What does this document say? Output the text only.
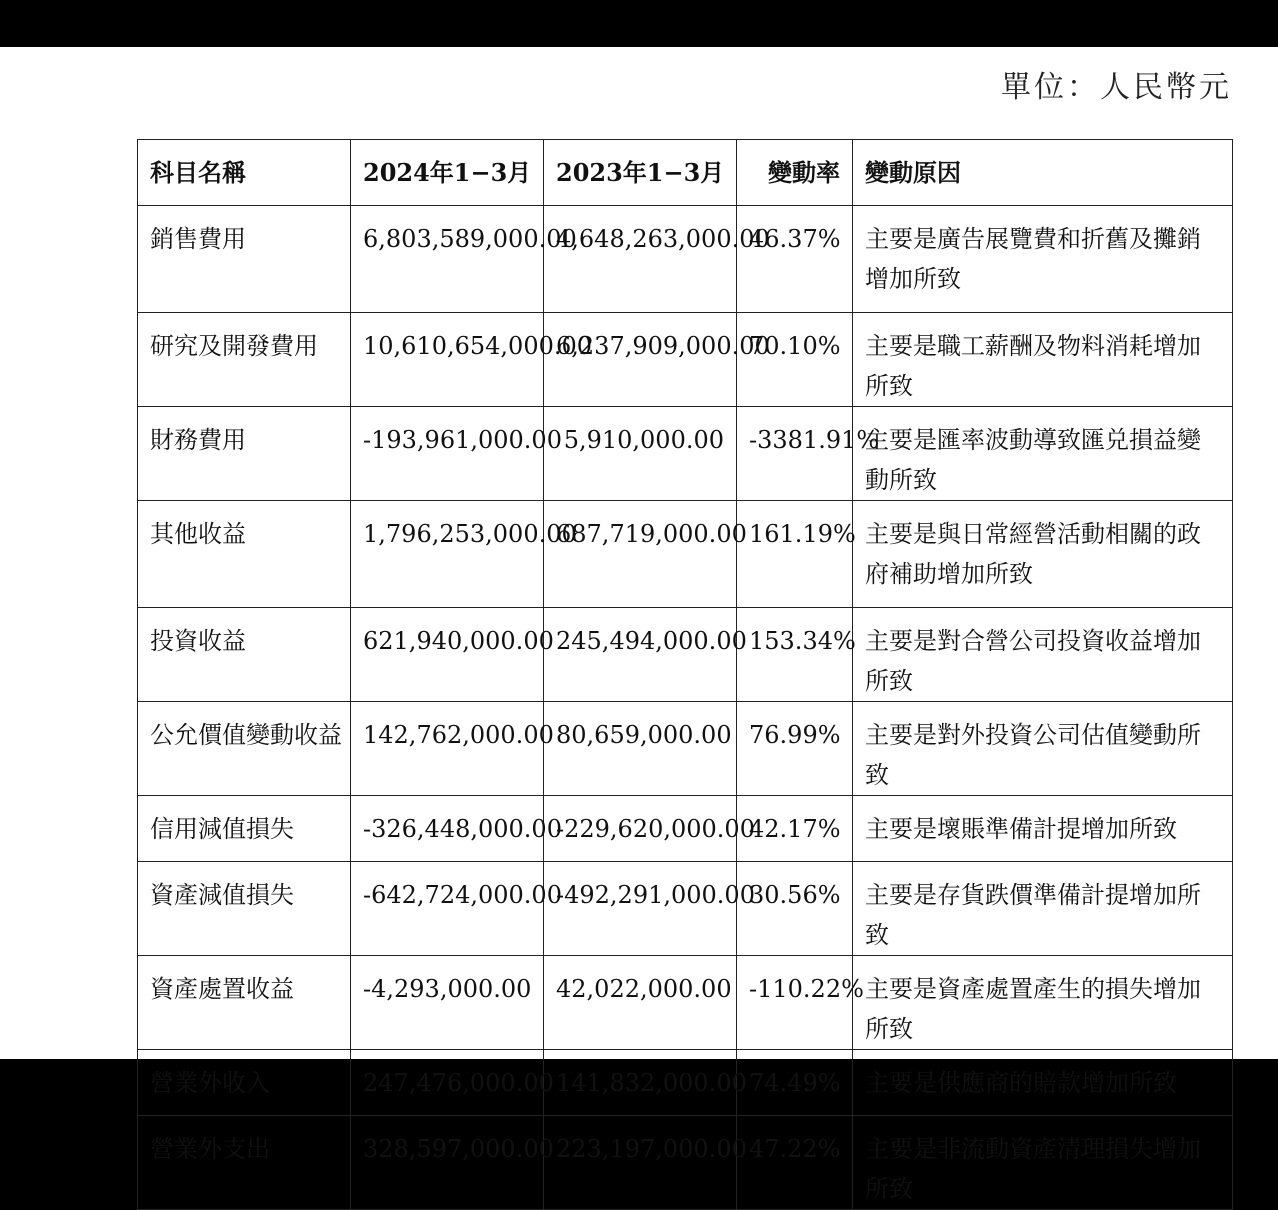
單位：人民幣元
科目名稱	2024年1−3月	2023年1−3月	變動率	變動原因
銷售費用	6,803,589,000.00	4,648,263,000.00	46.37%	主要是廣告展覽費和折舊及攤銷增加所致
研究及開發費用	10,610,654,000.00	6,237,909,000.00	70.10%	主要是職工薪酬及物料消耗增加所致
財務費用	-193,961,000.00	5,910,000.00	-3381.91%	主要是匯率波動導致匯兑損益變動所致
其他收益	1,796,253,000.00	687,719,000.00	161.19%	主要是與日常經營活動相關的政府補助增加所致
投資收益	621,940,000.00	245,494,000.00	153.34%	主要是對合營公司投資收益增加所致
公允價值變動收益	142,762,000.00	80,659,000.00	76.99%	主要是對外投資公司估值變動所致
信用減值損失	-326,448,000.00	-229,620,000.00	42.17%	主要是壞賬準備計提增加所致
資產減值損失	-642,724,000.00	-492,291,000.00	30.56%	主要是存貨跌價準備計提增加所致
資產處置收益	-4,293,000.00	42,022,000.00	-110.22%	主要是資產處置產生的損失增加所致
營業外收入	247,476,000.00	141,832,000.00	74.49%	主要是供應商的賠款增加所致
營業外支出	328,597,000.00	223,197,000.00	47.22%	主要是非流動資產清理損失增加所致
